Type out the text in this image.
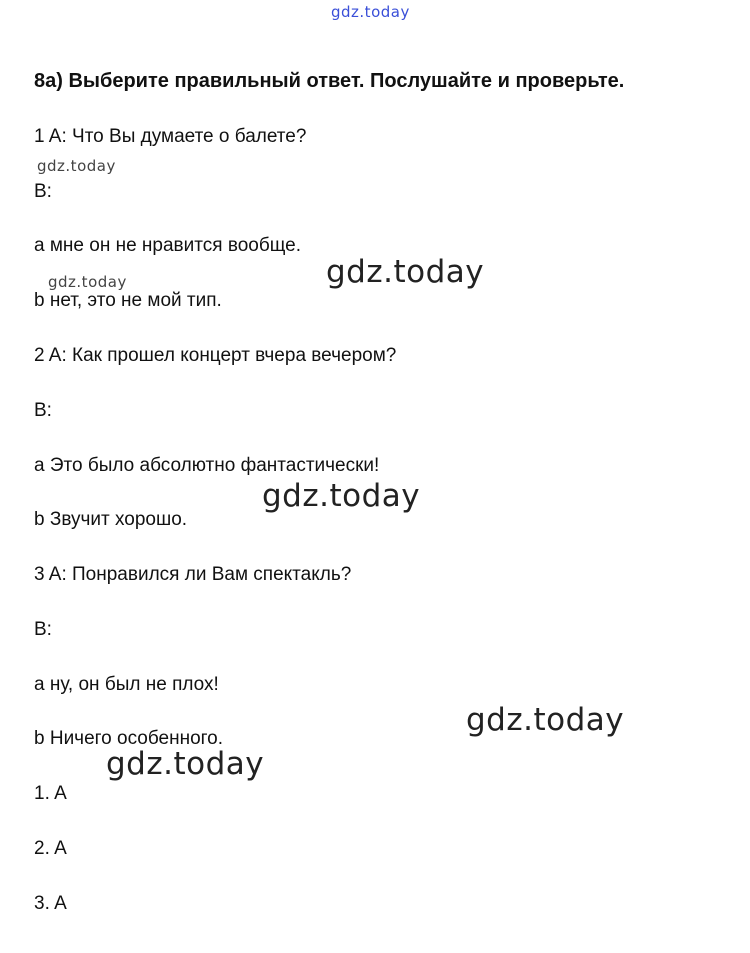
gdz.today
gdz.today
gdz.today	gdz.today
gdz.today
gdz.today
gdz.today
8a) Выберите правильный ответ. Послушайте и проверьте.
1 A: Что Вы думаете о балете?
B:
a мне он не нравится вообще.
b нет, это не мой тип.
2 A: Как прошел концерт вчера вечером?
B:
a Это было абсолютно фантастически!
b Звучит хорошо.
3 A: Понравился ли Вам спектакль?
B:
a ну, он был не плох!
b Ничего особенного.
1. A
2. A
3. A
